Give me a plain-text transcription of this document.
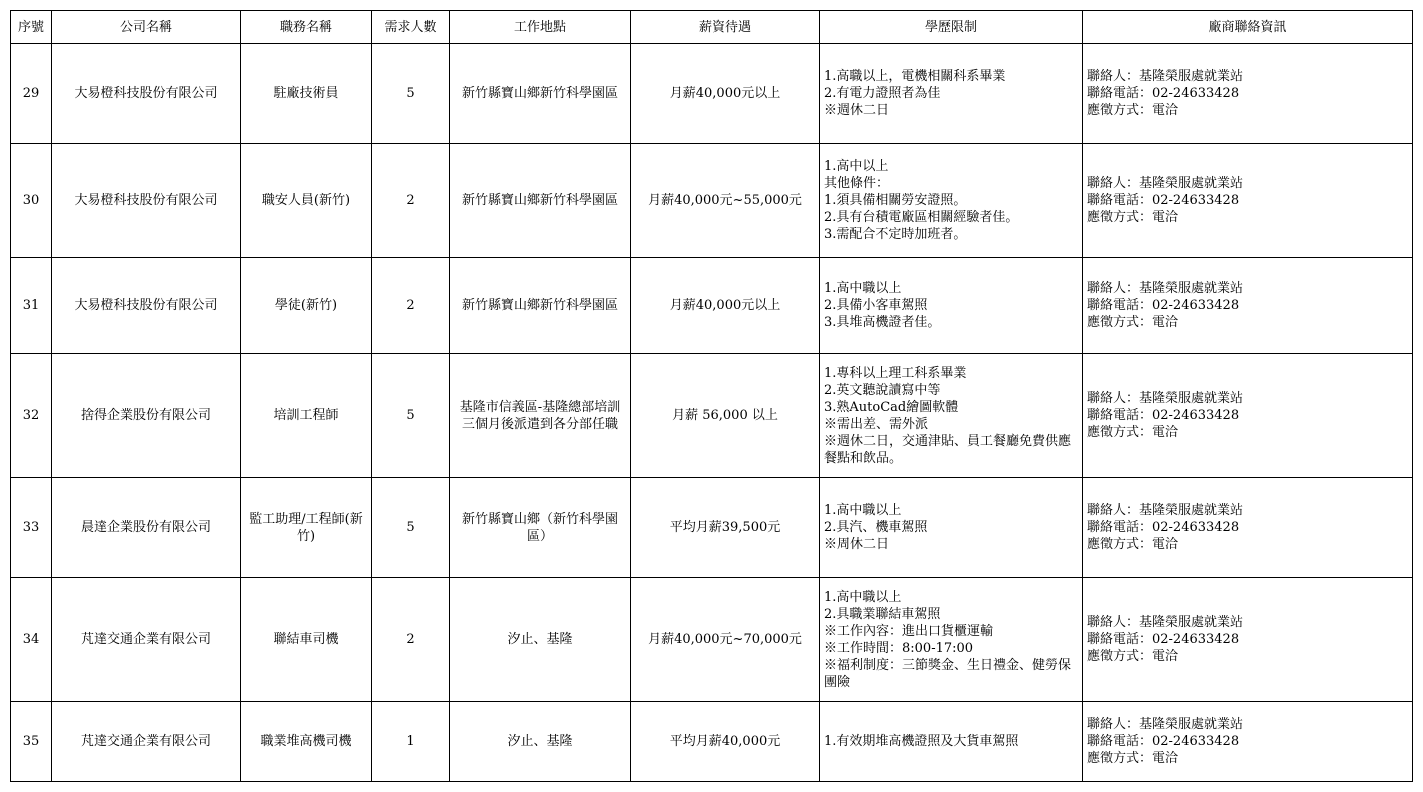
序號	公司名稱	職務名稱	需求人數	工作地點	薪資待遇	學歷限制	廠商聯絡資訊
29	大易橙科技股份有限公司	駐廠技術員	5	新竹縣寶山鄉新竹科學園區	月薪40,000元以上	1.高職以上，電機相關科系畢業
2.有電力證照者為佳
※週休二日	聯絡人：基隆榮服處就業站
聯絡電話：02-24633428
應徵方式：電洽

30	大易橙科技股份有限公司	職安人員(新竹)	2	新竹縣寶山鄉新竹科學園區	月薪40,000元~55,000元	1.高中以上
其他條件：
1.須具備相關勞安證照。
2.具有台積電廠區相關經驗者佳。
3.需配合不定時加班者。	聯絡人：基隆榮服處就業站
聯絡電話：02-24633428
應徵方式：電洽

31	大易橙科技股份有限公司	學徒(新竹)	2	新竹縣寶山鄉新竹科學園區	月薪40,000元以上	1.高中職以上
2.具備小客車駕照
3.具堆高機證者佳。	聯絡人：基隆榮服處就業站
聯絡電話：02-24633428
應徵方式：電洽

32	捨得企業股份有限公司	培訓工程師	5	基隆市信義區-基隆總部培訓三個月後派遣到各分部任職	月薪 56,000 以上	1.專科以上理工科系畢業
2.英文聽說讀寫中等
3.熟AutoCad繪圖軟體
※需出差、需外派
※週休二日，交通津貼、員工餐廳免費供應餐點和飲品。	聯絡人：基隆榮服處就業站
聯絡電話：02-24633428
應徵方式：電洽

33	晨達企業股份有限公司	監工助理/工程師(新竹)	5	新竹縣寶山鄉（新竹科學園區）	平均月薪39,500元	1.高中職以上
2.具汽、機車駕照
※周休二日	聯絡人：基隆榮服處就業站
聯絡電話：02-24633428
應徵方式：電洽

34	芃達交通企業有限公司	聯結車司機	2	汐止、基隆	月薪40,000元~70,000元	1.高中職以上
2.具職業聯結車駕照
※工作內容：進出口貨櫃運輸
※工作時間：8:00-17:00
※福利制度：三節獎金、生日禮金、健勞保團險	聯絡人：基隆榮服處就業站
聯絡電話：02-24633428
應徵方式：電洽

35	芃達交通企業有限公司	職業堆高機司機	1	汐止、基隆	平均月薪40,000元	1.有效期堆高機證照及大貨車駕照	聯絡人：基隆榮服處就業站
聯絡電話：02-24633428
應徵方式：電洽
